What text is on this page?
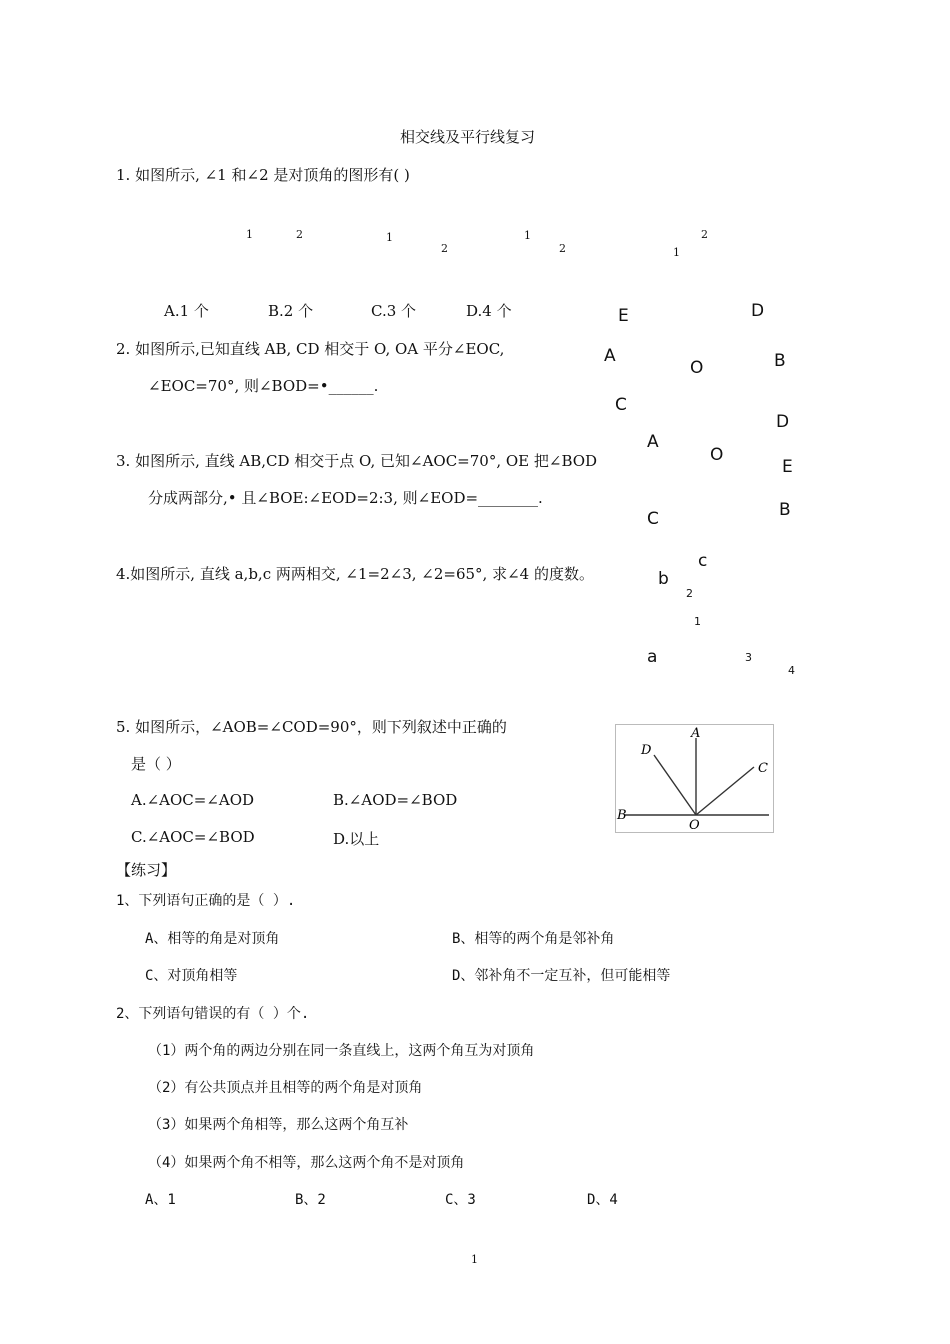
相交线及平行线复习
1. 如图所示, ∠1 和∠2 是对顶角的图形有( )
1	2	1
2
1
2
2
1
A.1 个	B.2 个	C.3 个	D.4 个
2. 如图所示,已知直线 AB, CD 相交于 O, OA 平分∠EOC,
∠EOC=70°, 则∠BOD=•______.
E	D
A
O	B
C
3. 如图所示, 直线 AB,CD 相交于点 O, 已知∠AOC=70°, OE 把∠BOD
分成两部分,• 且∠BOE:∠EOD=2:3, 则∠EOD=________.
D
A
O
E
C	B
4.如图所示, 直线 a,b,c 两两相交, ∠1=2∠3, ∠2=65°, 求∠4 的度数。
c
b
2
1
a	3
4
5. 如图所示，∠AOB=∠COD=90°，则下列叙述中正确的
是（ ）
A.∠AOC=∠AOD	B.∠AOD=∠BOD
C.∠AOC=∠BOD	D.以上
A
D
C
B
O
【练习】
1、下列语句正确的是（ ）.
A、相等的角是对顶角	B、相等的两个角是邻补角
C、对顶角相等	D、邻补角不一定互补，但可能相等
2、下列语句错误的有（ ）个.
（1）两个角的两边分别在同一条直线上，这两个角互为对顶角
（2）有公共顶点并且相等的两个角是对顶角
（3）如果两个角相等，那么这两个角互补
（4）如果两个角不相等，那么这两个角不是对顶角
A、1	B、2	C、3	D、4
1
